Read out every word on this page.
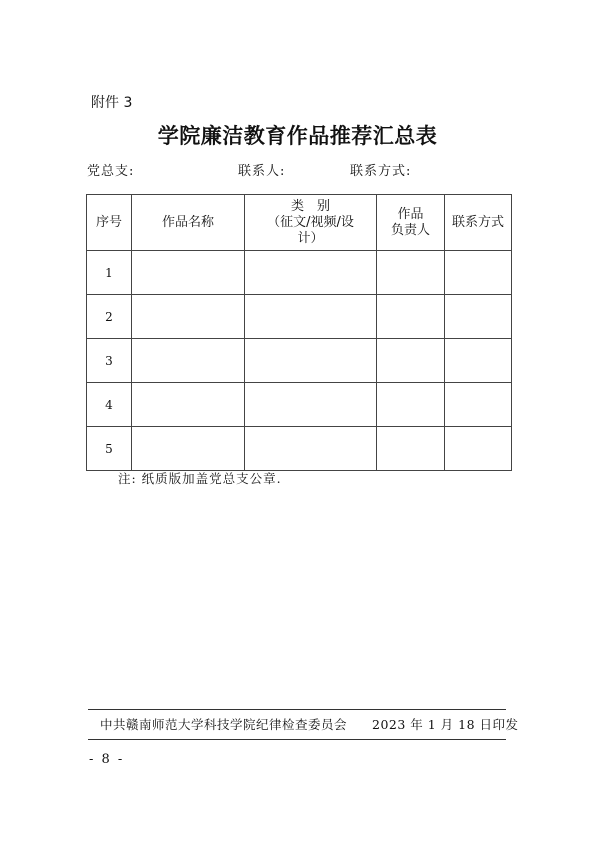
附件 3
学院廉洁教育作品推荐汇总表
党总支:	联系人:	联系方式:
序号	作品名称	类　别
（征文/视频/设
计）	作品
负责人	联系方式
1				
2				
3				
4				
5				
注: 纸质版加盖党总支公章.
中共赣南师范大学科技学院纪律检查委员会 2023 年 1 月 18 日印发
- 8 -
